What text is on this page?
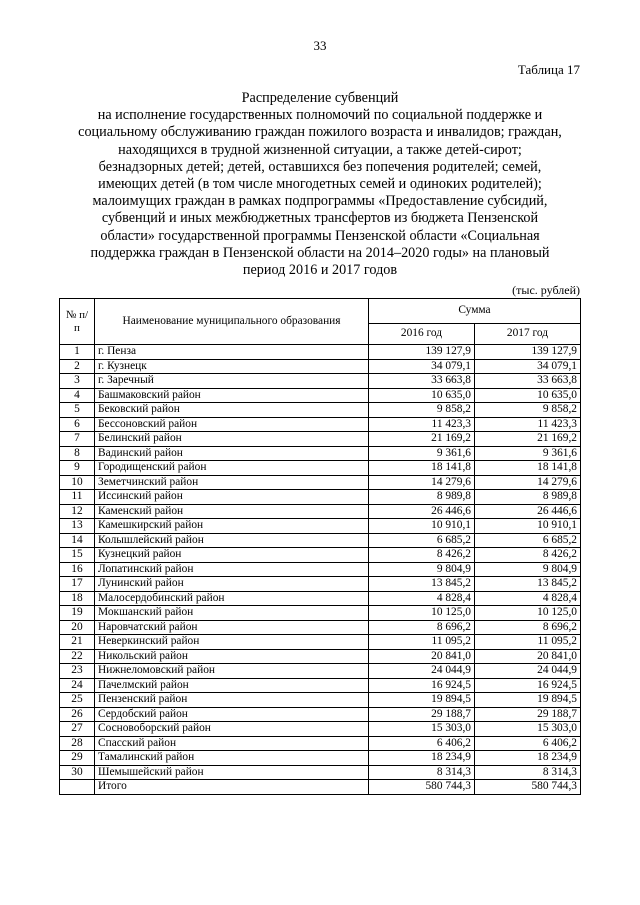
33
Таблица 17
Распределение субвенций
на исполнение государственных полномочий по социальной поддержке и
социальному обслуживанию граждан пожилого возраста и инвалидов; граждан,
находящихся в трудной жизненной ситуации, а также детей-сирот;
безнадзорных детей; детей, оставшихся без попечения родителей; семей,
имеющих детей (в том числе многодетных семей и одиноких родителей);
малоимущих граждан в рамках подпрограммы «Предоставление субсидий,
субвенций и иных межбюджетных трансфертов из бюджета Пензенской
области» государственной программы Пензенской области «Социальная
поддержка граждан в Пензенской области на 2014–2020 годы» на плановый
период 2016 и 2017 годов
(тыс. рублей)
№ п/п	Наименование муниципального образования	Сумма	
		2016 год	2017 год
1	г. Пенза	139 127,9	139 127,9
2	г. Кузнецк	34 079,1	34 079,1
3	г. Заречный	33 663,8	33 663,8
4	Башмаковский район	10 635,0	10 635,0
5	Бековский район	9 858,2	9 858,2
6	Бессоновский район	11 423,3	11 423,3
7	Белинский район	21 169,2	21 169,2
8	Вадинский район	9 361,6	9 361,6
9	Городищенский район	18 141,8	18 141,8
10	Земетчинский район	14 279,6	14 279,6
11	Иссинский район	8 989,8	8 989,8
12	Каменский район	26 446,6	26 446,6
13	Камешкирский район	10 910,1	10 910,1
14	Колышлейский район	6 685,2	6 685,2
15	Кузнецкий район	8 426,2	8 426,2
16	Лопатинский район	9 804,9	9 804,9
17	Лунинский район	13 845,2	13 845,2
18	Малосердобинский район	4 828,4	4 828,4
19	Мокшанский район	10 125,0	10 125,0
20	Наровчатский район	8 696,2	8 696,2
21	Неверкинский район	11 095,2	11 095,2
22	Никольский район	20 841,0	20 841,0
23	Нижнеломовский район	24 044,9	24 044,9
24	Пачелмский район	16 924,5	16 924,5
25	Пензенский район	19 894,5	19 894,5
26	Сердобский район	29 188,7	29 188,7
27	Сосновоборский район	15 303,0	15 303,0
28	Спасский район	6 406,2	6 406,2
29	Тамалинский район	18 234,9	18 234,9
30	Шемышейский район	8 314,3	8 314,3
	Итого	580 744,3	580 744,3
